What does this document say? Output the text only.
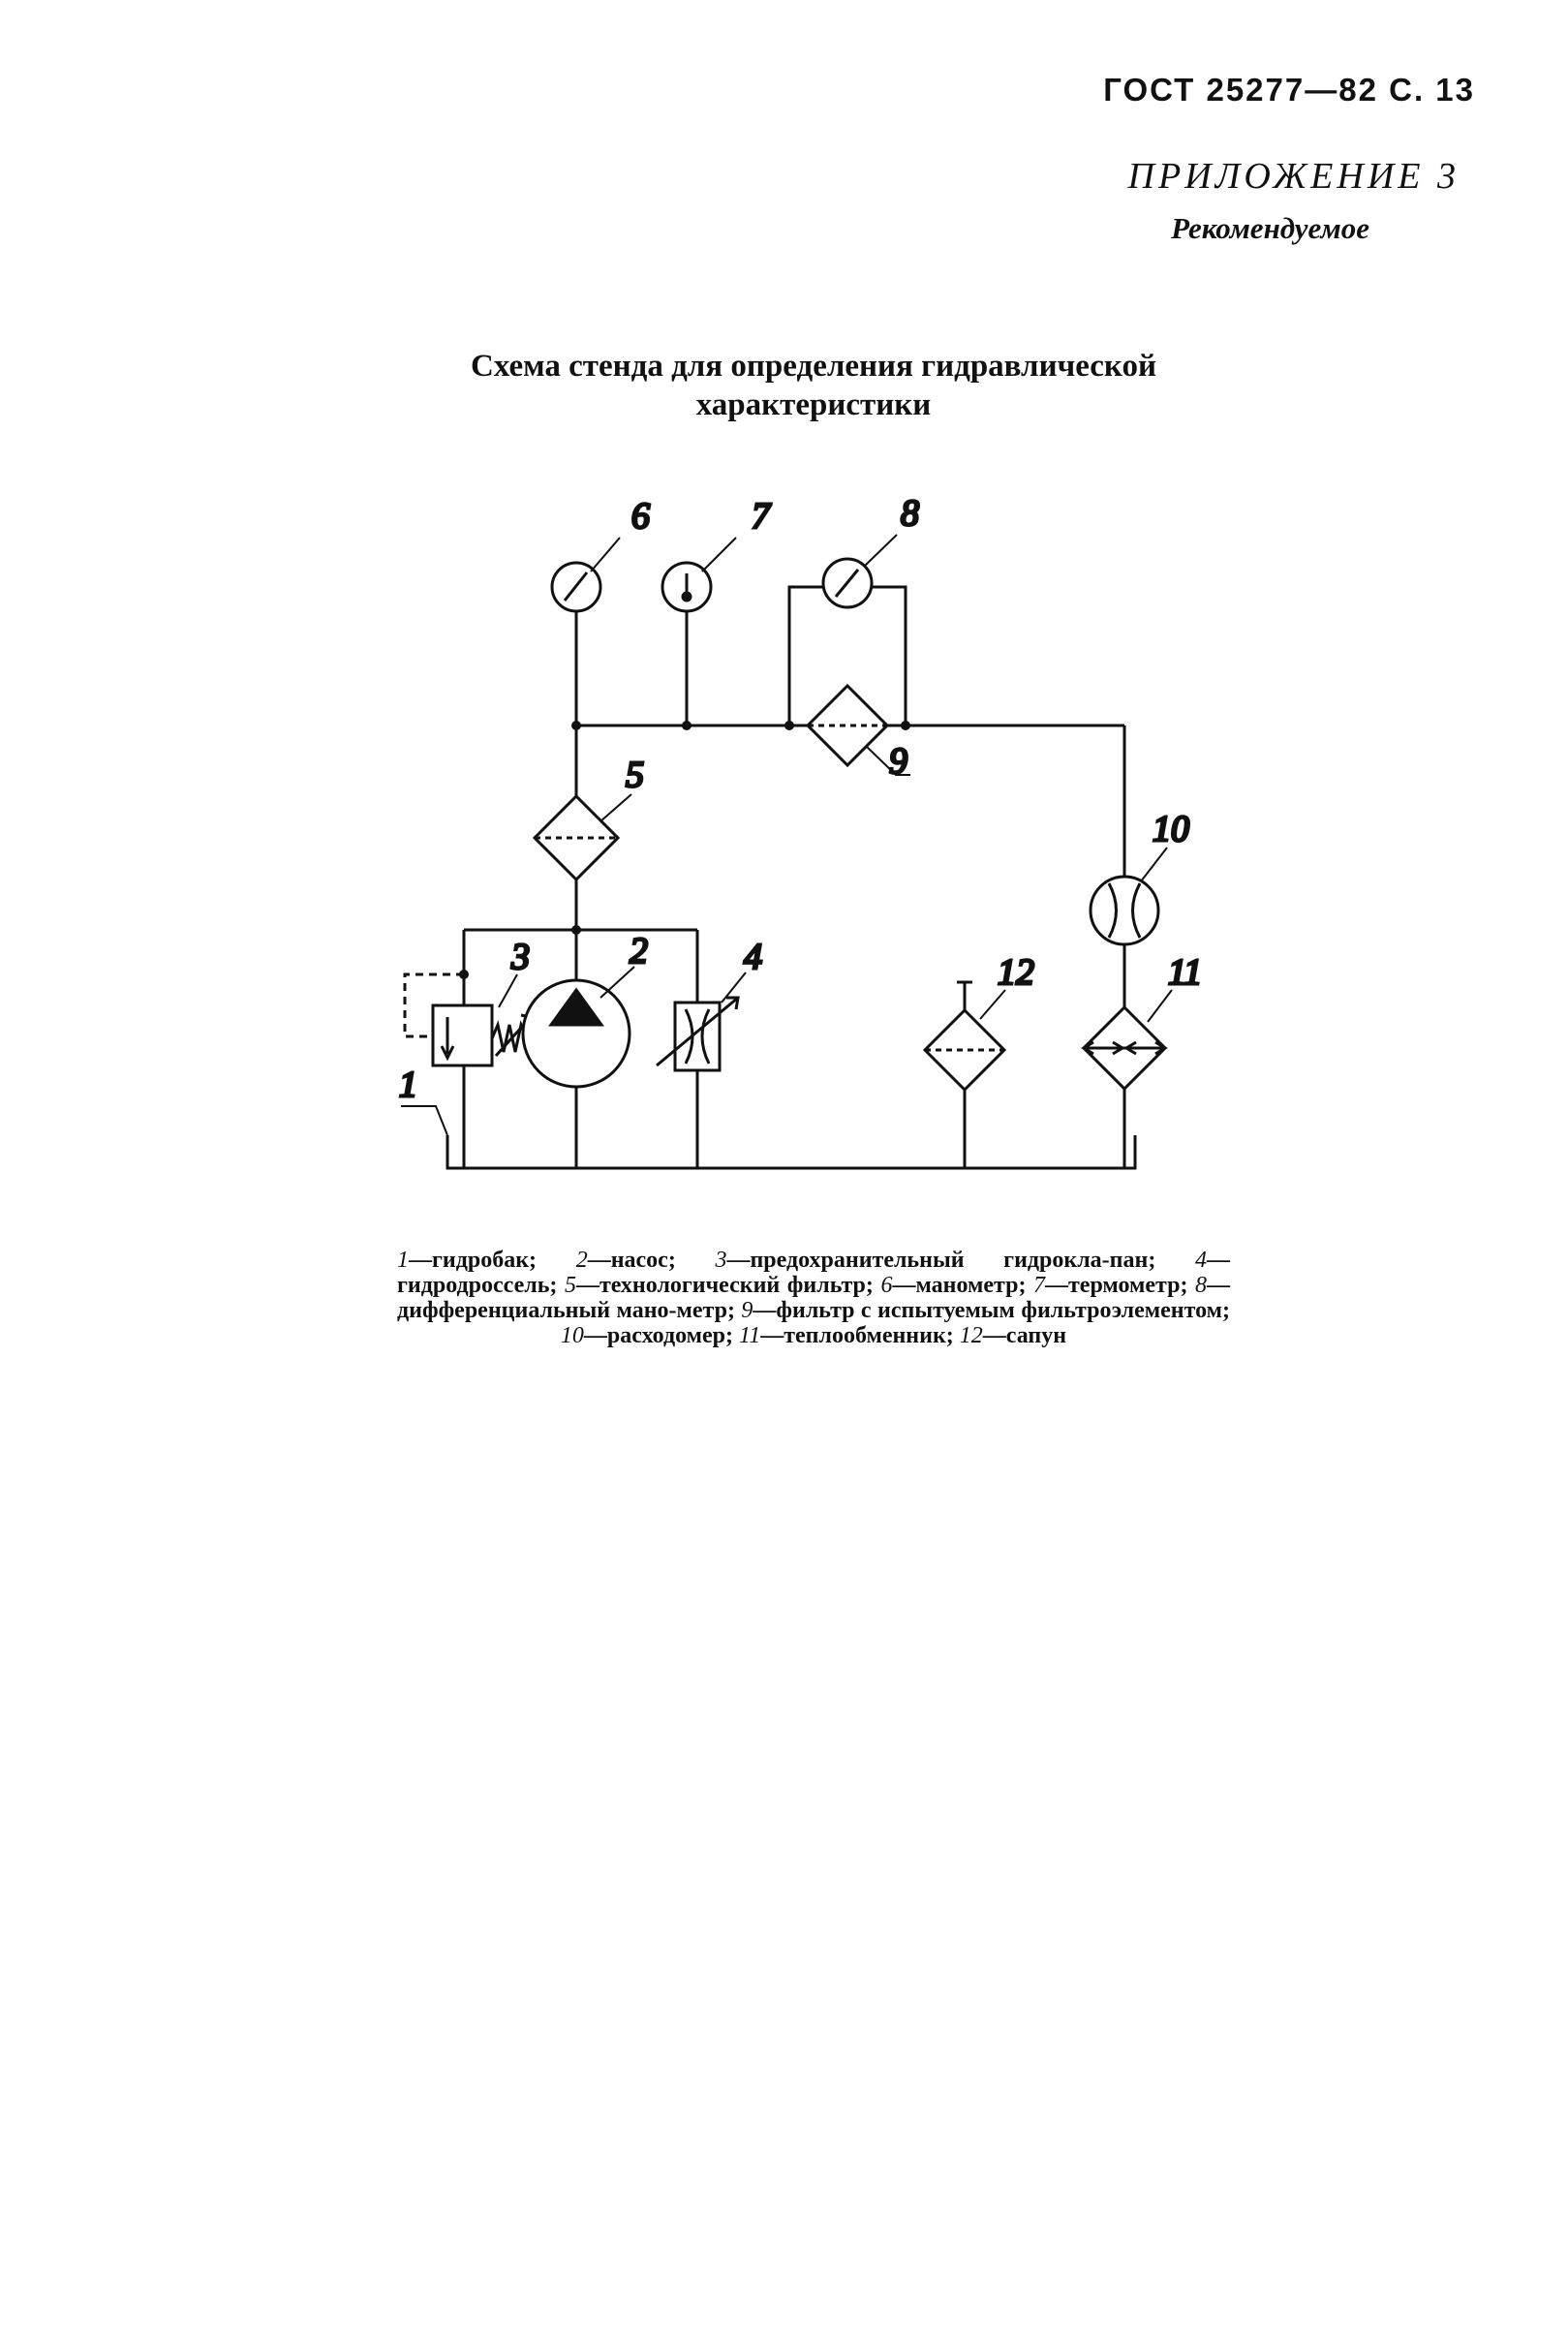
ГОСТ 25277—82 С. 13
ПРИЛОЖЕНИЕ 3
Рекомендуемое
Схема стенда для определения гидравлической
характеристики
1
2
3	4
5
6	7	8
9
10
11
12
1—гидробак; 2—насос; 3—предохранительный гидрокла-пан; 4—гидродроссель; 5—технологический фильтр; 6—манометр; 7—термометр; 8—дифференциальный мано-метр; 9—фильтр с испытуемым фильтроэлементом; 10—расходомер; 11—теплообменник; 12—сапун
